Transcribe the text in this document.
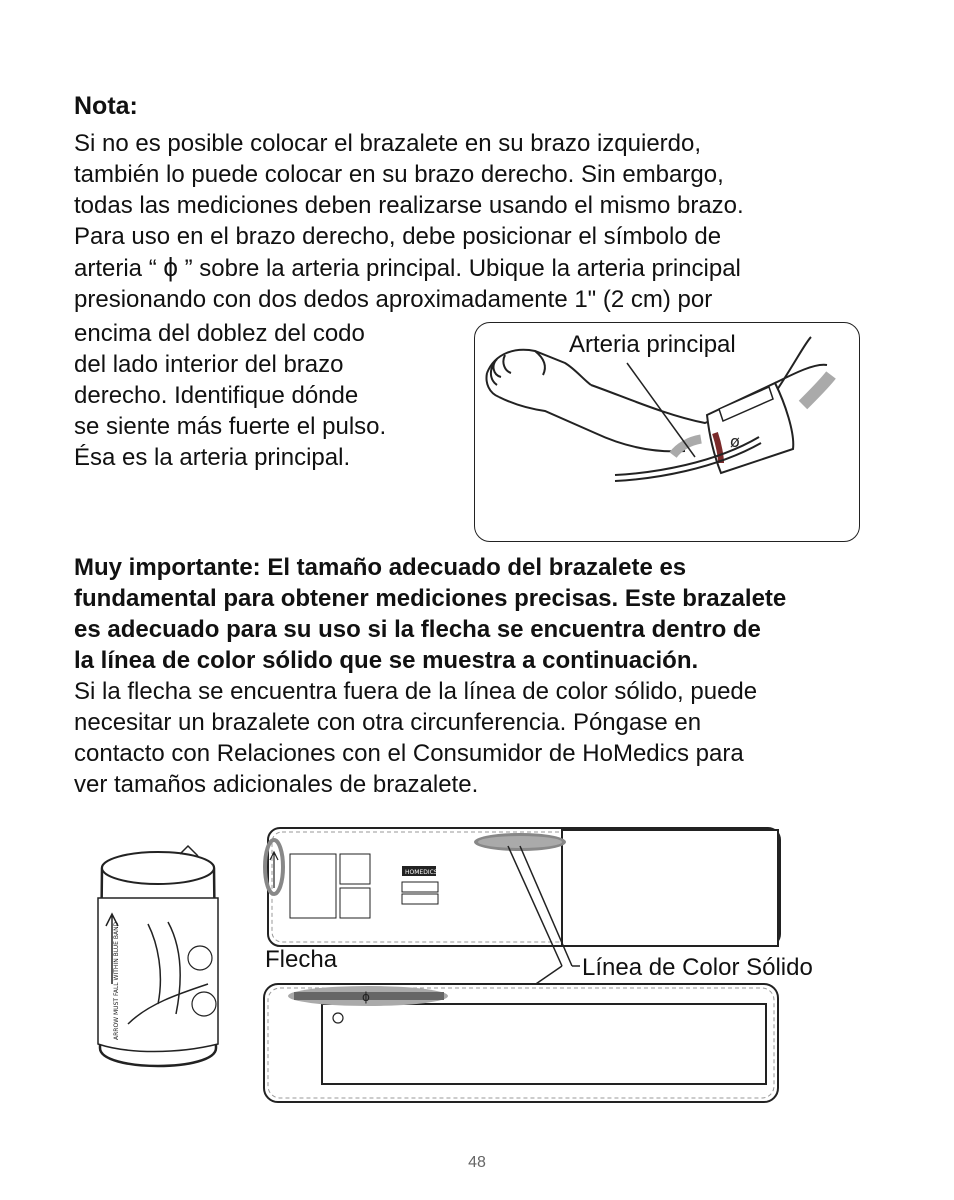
Nota:
Si no es posible colocar el brazalete en su brazo izquierdo,
también lo puede colocar en su brazo derecho. Sin embargo,
todas las mediciones deben realizarse usando el mismo brazo.
Para uso en el brazo derecho, debe posicionar el símbolo de
arteria “ ϕ ” sobre la arteria principal. Ubique la arteria principal
presionando con dos dedos aproximadamente 1" (2 cm) por
encima del doblez del codo
del lado interior del brazo
derecho. Identifique dónde
se siente más fuerte el pulso.
Ésa es la arteria principal.
Arteria principal
ø
Muy importante: El tamaño adecuado del brazalete es
fundamental para obtener mediciones precisas. Este brazalete
es adecuado para su uso si la flecha se encuentra dentro de
la línea de color sólido que se muestra a continuación.
Si la flecha se encuentra fuera de la línea de color sólido, puede
necesitar un brazalete con otra circunferencia. Póngase en
contacto con Relaciones con el Consumidor de HoMedics para
ver tamaños adicionales de brazalete.
ARROW MUST FALL WITHIN BLUE BAND
HOMEDICS
ϕ
Flecha	Línea de Color Sólido
48
